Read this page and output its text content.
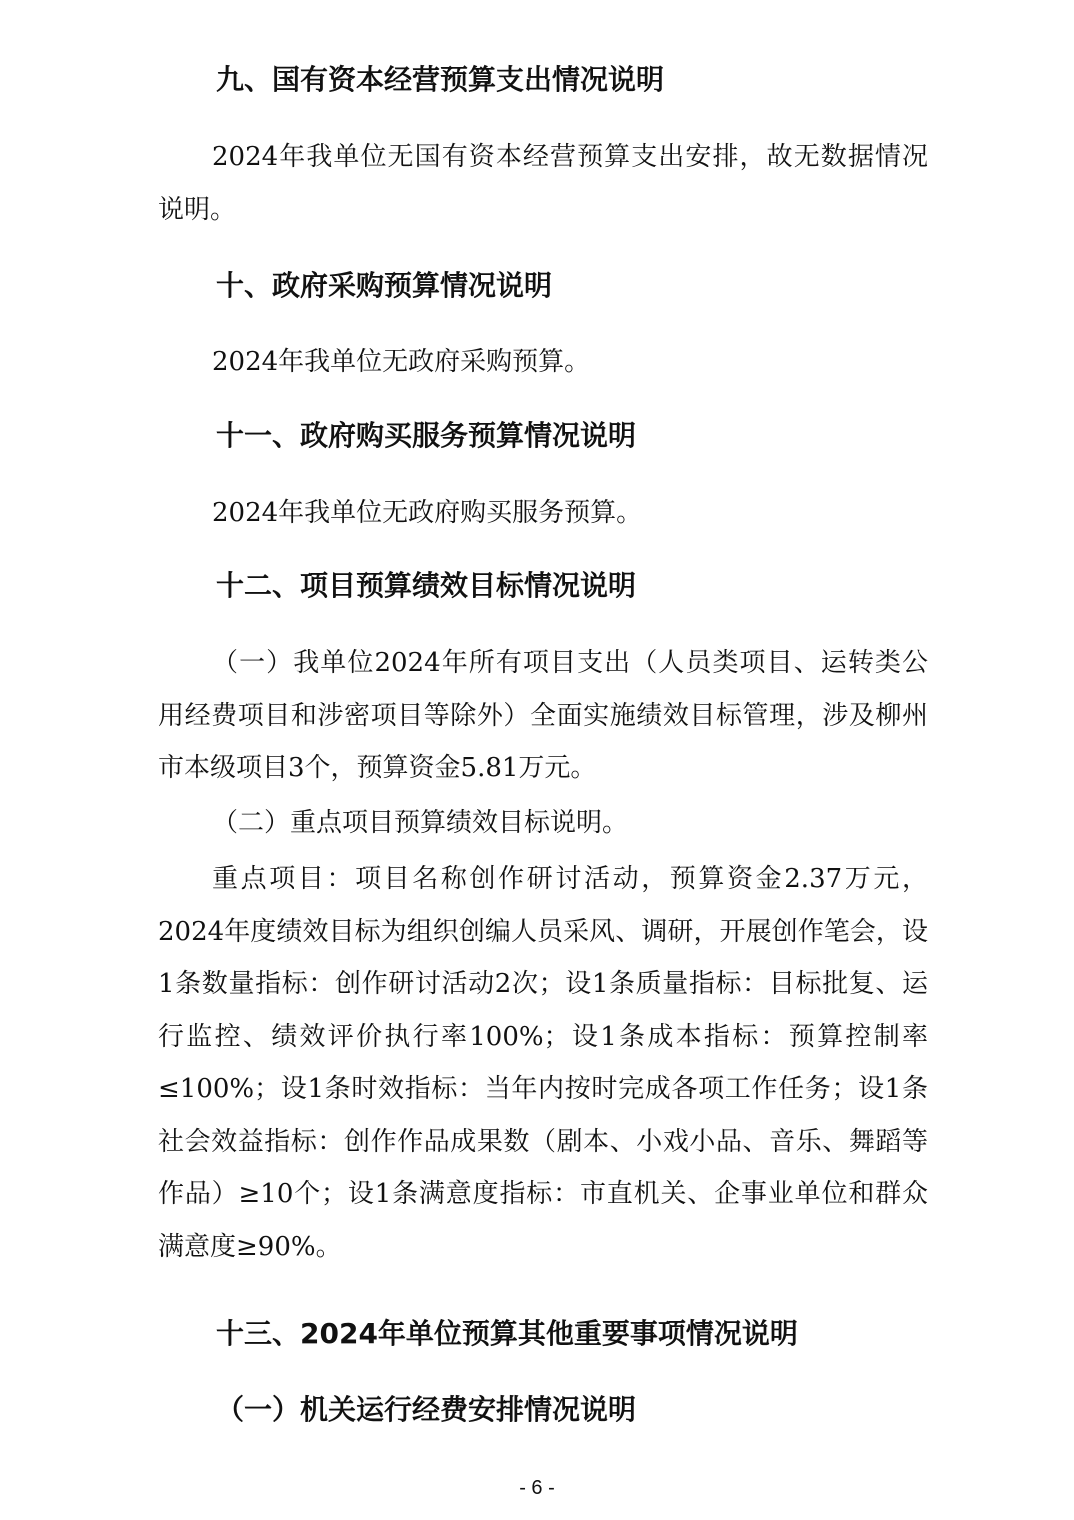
九、国有资本经营预算支出情况说明

2024年我单位无国有资本经营预算支出安排，故无数据情况说明。

十、政府采购预算情况说明

2024年我单位无政府采购预算。

十一、政府购买服务预算情况说明

2024年我单位无政府购买服务预算。

十二、项目预算绩效目标情况说明

（一）我单位2024年所有项目支出（人员类项目、运转类公用经费项目和涉密项目等除外）全面实施绩效目标管理，涉及柳州市本级项目3个，预算资金5.81万元。

（二）重点项目预算绩效目标说明。

重点项目：项目名称创作研讨活动，预算资金2.37万元，2024年度绩效目标为组织创编人员采风、调研，开展创作笔会，设1条数量指标：创作研讨活动2次；设1条质量指标：目标批复、运行监控、绩效评价执行率100%；设1条成本指标：预算控制率≤100%；设1条时效指标：当年内按时完成各项工作任务；设1条社会效益指标：创作作品成果数（剧本、小戏小品、音乐、舞蹈等作品）≥10个；设1条满意度指标：市直机关、企事业单位和群众满意度≥90%。

十三、2024年单位预算其他重要事项情况说明
（一）机关运行经费安排情况说明
- 6 -
